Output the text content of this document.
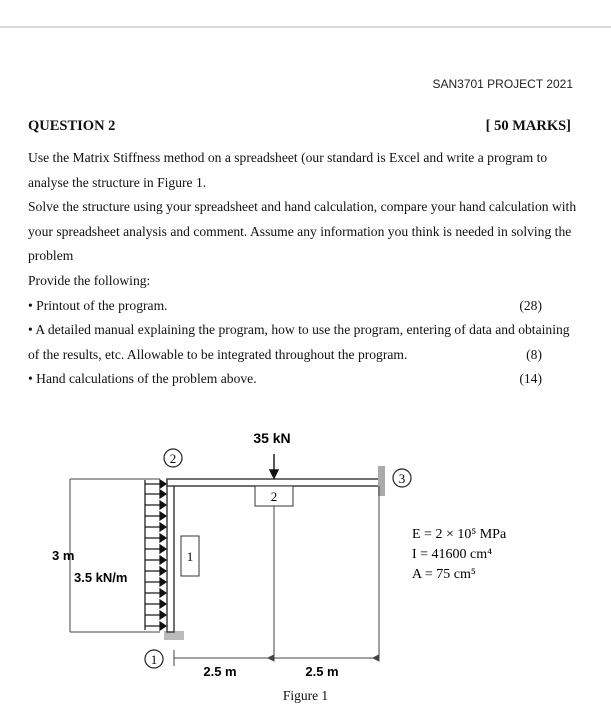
SAN3701 PROJECT 2021
QUESTION 2	[ 50 MARKS]

Use the Matrix Stiffness method on a spreadsheet (our standard is Excel and write a program to analyse the structure in Figure 1.

Solve the structure using your spreadsheet and hand calculation, compare your hand calculation with your spreadsheet analysis and comment. Assume any information you think is needed in solving the problem

Provide the following:

• Printout of the program.	(28)

• A detailed manual explaining the program, how to use the program, entering of data and obtaining of the results, etc. Allowable to be integrated throughout the program.	(8)

• Hand calculations of the problem above.	(14)

1
2
2
3
1
35 kN
3 m
3.5 kN/m
2.5 m	2.5 m
E = 2 × 10⁵ MPa
I = 41600 cm⁴
A = 75 cm⁵
Figure 1
